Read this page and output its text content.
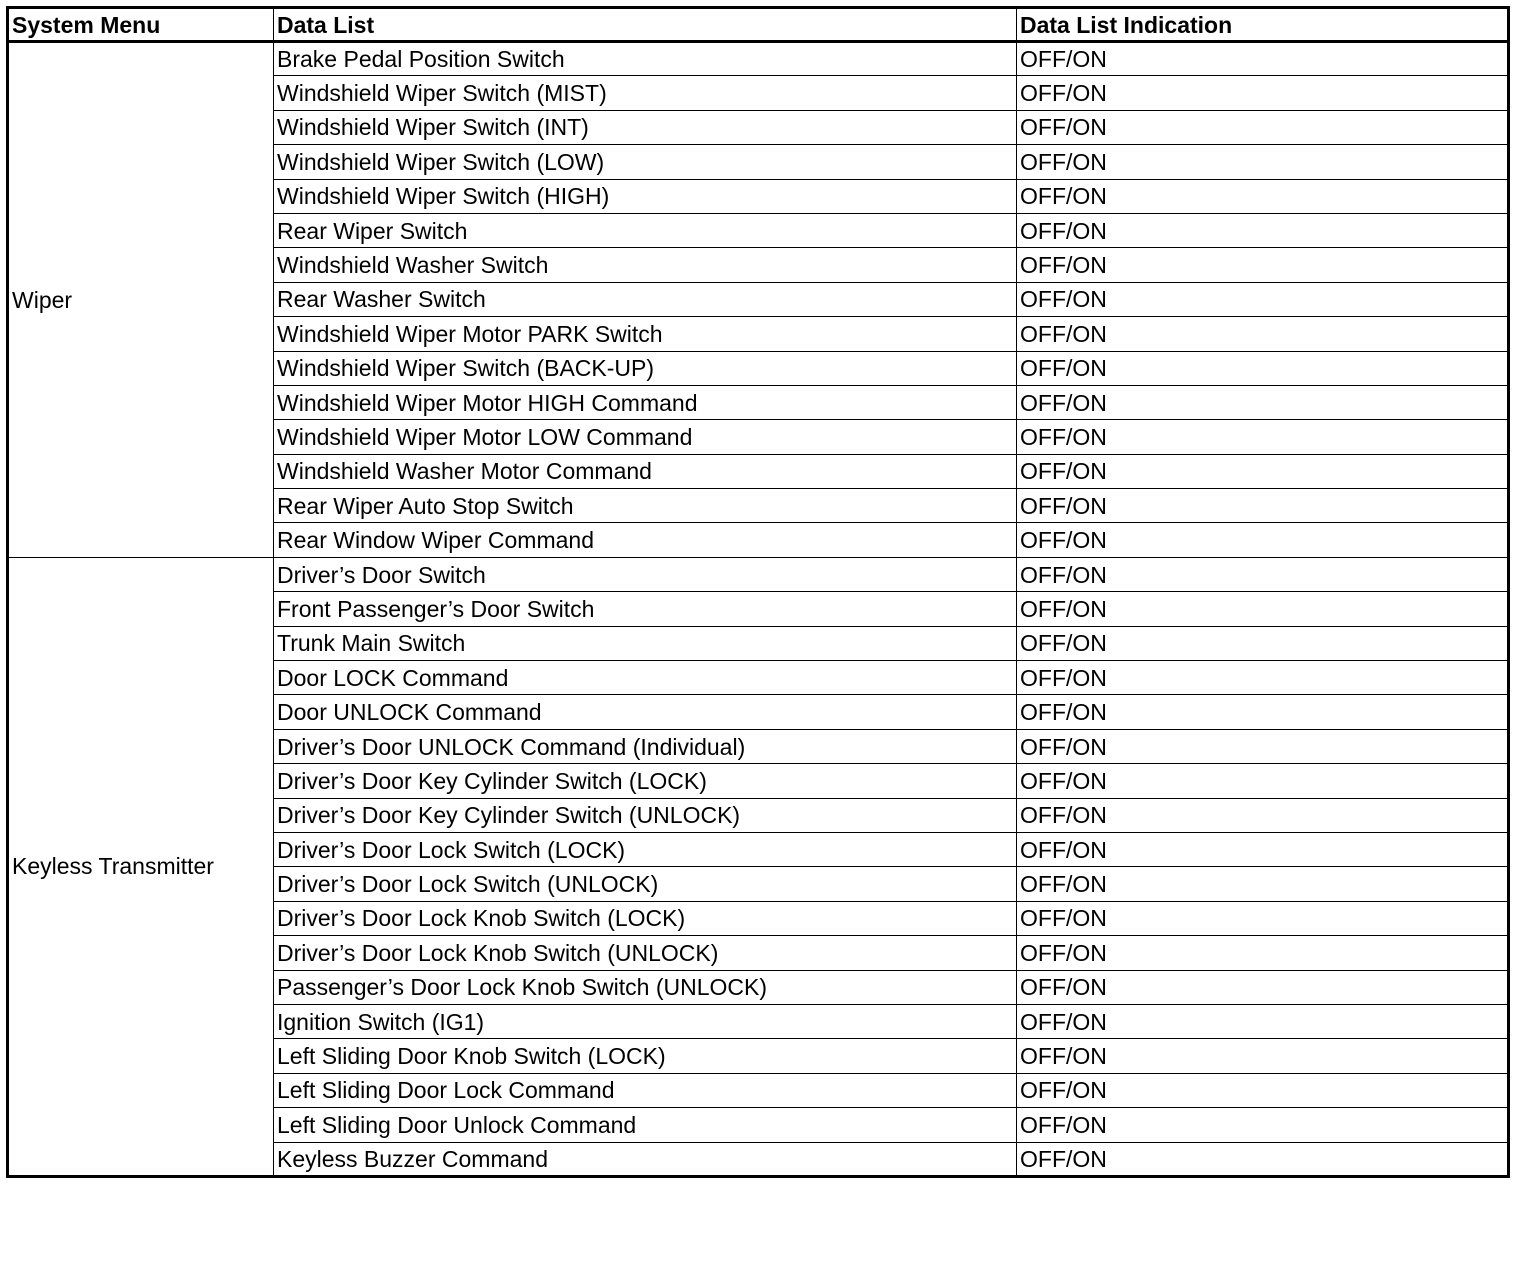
System Menu	Data List	Data List Indication
Wiper	Brake Pedal Position Switch	OFF/ON
	Windshield Wiper Switch (MIST)	OFF/ON
	Windshield Wiper Switch (INT)	OFF/ON
	Windshield Wiper Switch (LOW)	OFF/ON
	Windshield Wiper Switch (HIGH)	OFF/ON
	Rear Wiper Switch	OFF/ON
	Windshield Washer Switch	OFF/ON
	Rear Washer Switch	OFF/ON
	Windshield Wiper Motor PARK Switch	OFF/ON
	Windshield Wiper Switch (BACK-UP)	OFF/ON
	Windshield Wiper Motor HIGH Command	OFF/ON
	Windshield Wiper Motor LOW Command	OFF/ON
	Windshield Washer Motor Command	OFF/ON
	Rear Wiper Auto Stop Switch	OFF/ON
	Rear Window Wiper Command	OFF/ON
Keyless Transmitter	Driver’s Door Switch	OFF/ON
	Front Passenger’s Door Switch	OFF/ON
	Trunk Main Switch	OFF/ON
	Door LOCK Command	OFF/ON
	Door UNLOCK Command	OFF/ON
	Driver’s Door UNLOCK Command (Individual)	OFF/ON
	Driver’s Door Key Cylinder Switch (LOCK)	OFF/ON
	Driver’s Door Key Cylinder Switch (UNLOCK)	OFF/ON
	Driver’s Door Lock Switch (LOCK)	OFF/ON
	Driver’s Door Lock Switch (UNLOCK)	OFF/ON
	Driver’s Door Lock Knob Switch (LOCK)	OFF/ON
	Driver’s Door Lock Knob Switch (UNLOCK)	OFF/ON
	Passenger’s Door Lock Knob Switch (UNLOCK)	OFF/ON
	Ignition Switch (IG1)	OFF/ON
	Left Sliding Door Knob Switch (LOCK)	OFF/ON
	Left Sliding Door Lock Command	OFF/ON
	Left Sliding Door Unlock Command	OFF/ON
	Keyless Buzzer Command	OFF/ON
